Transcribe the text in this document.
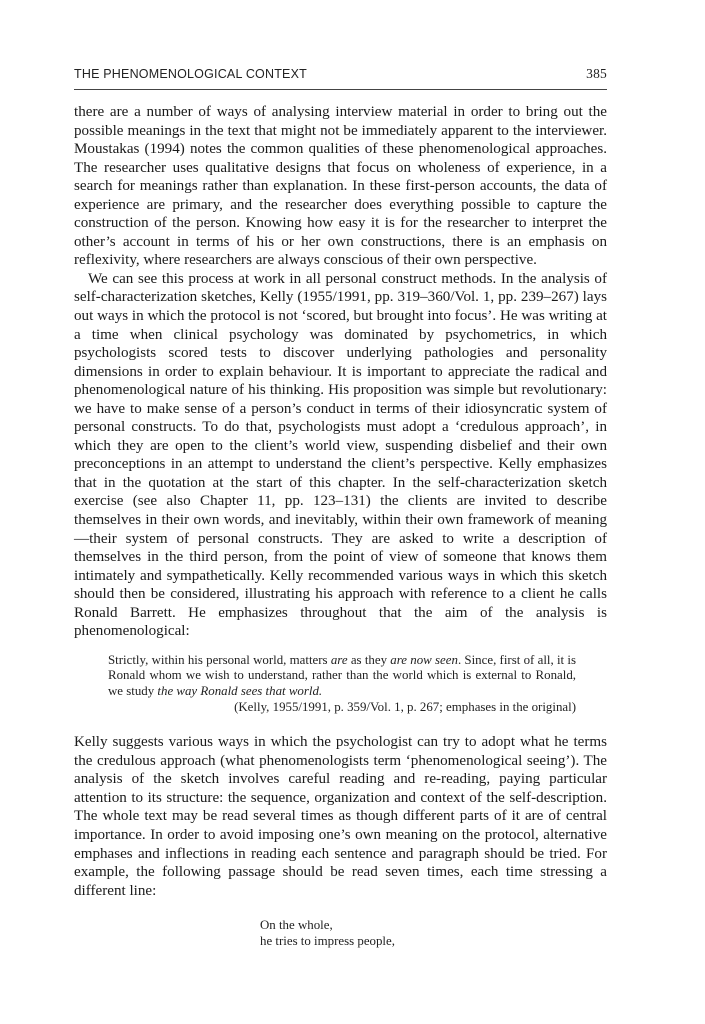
THE PHENOMENOLOGICAL CONTEXT	385

there are a number of ways of analysing interview material in order to bring out the possible meanings in the text that might not be immediately apparent to the interviewer. Moustakas (1994) notes the common qualities of these phenomenological approaches. The researcher uses qualitative designs that focus on wholeness of experience, in a search for meanings rather than explanation. In these first-person accounts, the data of experience are primary, and the researcher does everything possible to capture the construction of the person. Knowing how easy it is for the researcher to interpret the other’s account in terms of his or her own constructions, there is an emphasis on reflexivity, where researchers are always conscious of their own perspective.

We can see this process at work in all personal construct methods. In the analysis of self-characterization sketches, Kelly (1955/1991, pp. 319–360/Vol. 1, pp. 239–267) lays out ways in which the protocol is not ‘scored, but brought into focus’. He was writing at a time when clinical psychology was dominated by psychometrics, in which psychologists scored tests to discover underlying pathologies and personality dimensions in order to explain behaviour. It is important to appreciate the radical and phenomenological nature of his thinking. His proposition was simple but revolutionary: we have to make sense of a person’s conduct in terms of their idiosyncratic system of personal constructs. To do that, psychologists must adopt a ‘credulous approach’, in which they are open to the client’s world view, suspending disbelief and their own preconceptions in an attempt to understand the client’s perspective. Kelly emphasizes that in the quotation at the start of this chapter. In the self-characterization sketch exercise (see also Chapter 11, pp. 123–131) the clients are invited to describe themselves in their own words, and inevitably, within their own framework of meaning—their system of personal constructs. They are asked to write a description of themselves in the third person, from the point of view of someone that knows them intimately and sympathetically. Kelly recommended various ways in which this sketch should then be considered, illustrating his approach with reference to a client he calls Ronald Barrett. He emphasizes throughout that the aim of the analysis is phenomenological:

Strictly, within his personal world, matters are as they are now seen. Since, first of all, it is Ronald whom we wish to understand, rather than the world which is external to Ronald, we study the way Ronald sees that world.
(Kelly, 1955/1991, p. 359/Vol. 1, p. 267; emphases in the original)

Kelly suggests various ways in which the psychologist can try to adopt what he terms the credulous approach (what phenomenologists term ‘phenomenological seeing’). The analysis of the sketch involves careful reading and re-reading, paying particular attention to its structure: the sequence, organization and context of the self-description. The whole text may be read several times as though different parts of it are of central importance. In order to avoid imposing one’s own meaning on the protocol, alternative emphases and inflections in reading each sentence and paragraph should be tried. For example, the following passage should be read seven times, each time stressing a different line:

On the whole,
he tries to impress people,
